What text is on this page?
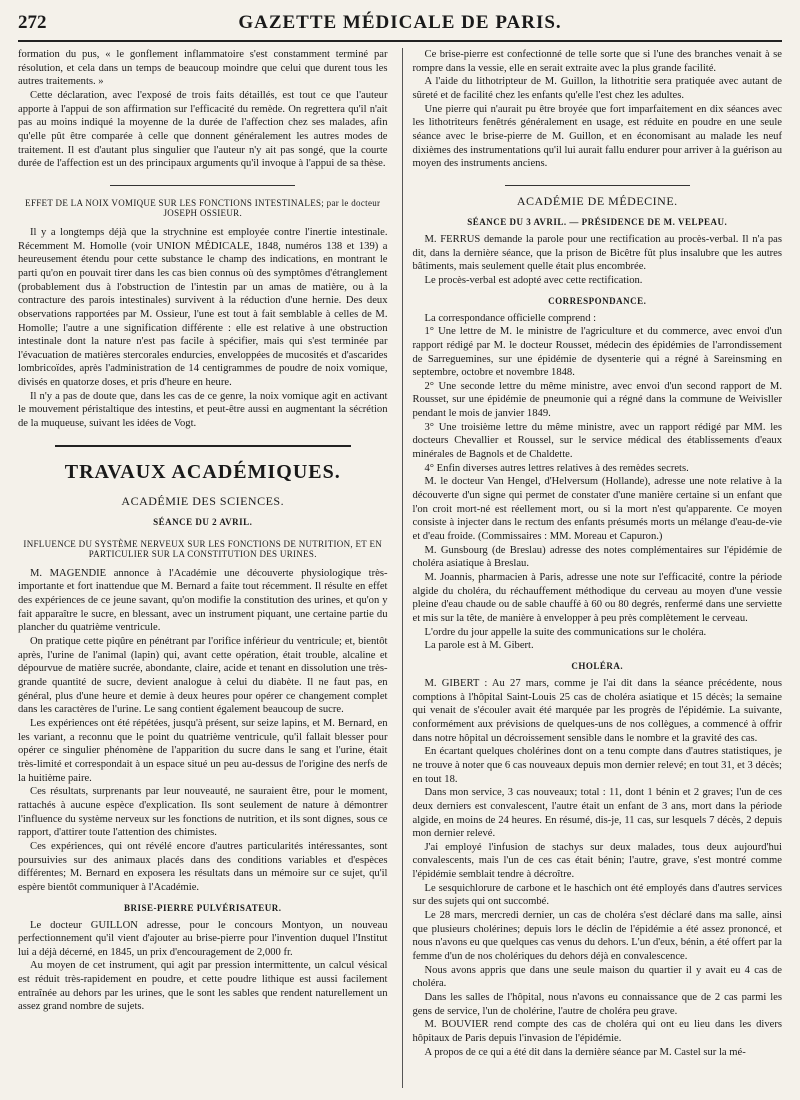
272	GAZETTE MÉDICALE DE PARIS.

formation du pus, « le gonflement inflammatoire s'est constamment terminé par résolution, et cela dans un temps de beaucoup moindre que celui que durent tous les autres traitements. »

Cette déclaration, avec l'exposé de trois faits détaillés, est tout ce que l'auteur apporte à l'appui de son affirmation sur l'efficacité du remède. On regrettera qu'il n'ait pas au moins indiqué la moyenne de la durée de l'affection chez ses malades, afin qu'elle pût être comparée à celle que donnent généralement les autres modes de traitement. Il est d'autant plus singulier que l'auteur n'y ait pas songé, que la courte durée de l'affection est un des principaux arguments qu'il invoque à l'appui de sa thèse.

EFFET DE LA NOIX VOMIQUE SUR LES FONCTIONS INTESTINALES; par le docteur JOSEPH OSSIEUR.

Il y a longtemps déjà que la strychnine est employée contre l'inertie intestinale. Récemment M. Homolle (voir UNION MÉDICALE, 1848, numéros 138 et 139) a heureusement étendu pour cette substance le champ des indications, en montrant le parti qu'on en pouvait tirer dans les cas bien connus où des symptômes d'étranglement (probablement dus à l'obstruction de l'intestin par un amas de matière, ou à la contracture des parois intestinales) survivent à la réduction d'une hernie. Des deux observations rapportées par M. Ossieur, l'une est tout à fait semblable à celles de M. Homolle; l'autre a une signification différente : elle est relative à une obstruction intestinale dont la nature n'est pas facile à spécifier, mais qui s'est terminée par l'évacuation de matières stercorales endurcies, enveloppées de mucosités et d'ascarides lombricoïdes, après l'administration de 14 centigrammes de poudre de noix vomique, divisés en quatorze doses, et pris d'heure en heure.

Il n'y a pas de doute que, dans les cas de ce genre, la noix vomique agit en activant le mouvement péristaltique des intestins, et peut-être aussi en augmentant la sécrétion de la muqueuse, suivant les idées de Vogt.

TRAVAUX ACADÉMIQUES.
ACADÉMIE DES SCIENCES.
SÉANCE DU 2 AVRIL.
INFLUENCE DU SYSTÈME NERVEUX SUR LES FONCTIONS DE NUTRITION, ET EN PARTICULIER SUR LA CONSTITUTION DES URINES.

M. MAGENDIE annonce à l'Académie une découverte physiologique très-importante et fort inattendue que M. Bernard a faite tout récemment. Il résulte en effet des expériences de ce jeune savant, qu'on modifie la constitution des urines, et qu'on y fait apparaître le sucre, en blessant, avec un instrument piquant, une certaine partie du plancher du quatrième ventricule.

On pratique cette piqûre en pénétrant par l'orifice inférieur du ventricule; et, bientôt après, l'urine de l'animal (lapin) qui, avant cette opération, était trouble, alcaline et dépourvue de matière sucrée, abondante, claire, acide et tenant en dissolution une très-grande quantité de sucre, devient analogue à celui du diabète. Il ne faut pas, en général, plus d'une heure et demie à deux heures pour opérer ce changement complet dans les caractères de l'urine. Le sang contient également beaucoup de sucre.

Les expériences ont été répétées, jusqu'à présent, sur seize lapins, et M. Bernard, en les variant, a reconnu que le point du quatrième ventricule, qu'il fallait blesser pour opérer ce singulier phénomène de l'apparition du sucre dans le sang et l'urine, était très-limité et correspondait à un espace situé un peu au-dessus de l'origine des nerfs de la huitième paire.

Ces résultats, surprenants par leur nouveauté, ne sauraient être, pour le moment, rattachés à aucune espèce d'explication. Ils sont seulement de nature à démontrer l'influence du système nerveux sur les fonctions de nutrition, et ils sont dignes, sous ce rapport, d'attirer toute l'attention des chimistes.

Ces expériences, qui ont révélé encore d'autres particularités intéressantes, sont poursuivies sur des animaux placés dans des conditions variables et d'espèces différentes; M. Bernard en exposera les résultats dans un mémoire sur ce sujet, qu'il espère bientôt communiquer à l'Académie.

BRISE-PIERRE PULVÉRISATEUR.

Le docteur GUILLON adresse, pour le concours Montyon, un nouveau perfectionnement qu'il vient d'ajouter au brise-pierre pour l'invention duquel l'Institut lui a déjà décerné, en 1845, un prix d'encouragement de 2,000 fr.

Au moyen de cet instrument, qui agit par pression intermittente, un calcul vésical est réduit très-rapidement en poudre, et cette poudre lithique est aussi facilement entraînée au dehors par les urines, que le sont les sables que rendent naturellement un assez grand nombre de sujets.

Ce brise-pierre est confectionné de telle sorte que si l'une des branches venait à se rompre dans la vessie, elle en serait extraite avec la plus grande facilité.

A l'aide du lithotripteur de M. Guillon, la lithotritie sera pratiquée avec autant de sûreté et de facilité chez les enfants qu'elle l'est chez les adultes.

Une pierre qui n'aurait pu être broyée que fort imparfaitement en dix séances avec les lithotriteurs fenêtrés généralement en usage, est réduite en poudre en une seule séance avec le brise-pierre de M. Guillon, et en économisant au malade les neuf dixièmes des instrumentations qu'il lui aurait fallu endurer pour arriver à la guérison au moyen des instruments anciens.

ACADÉMIE DE MÉDECINE.
SÉANCE DU 3 AVRIL. — PRÉSIDENCE DE M. VELPEAU.

M. FERRUS demande la parole pour une rectification au procès-verbal. Il n'a pas dit, dans la dernière séance, que la prison de Bicêtre fût plus insalubre que les autres bâtiments, mais seulement quelle était plus encombrée.

Le procès-verbal est adopté avec cette rectification.

CORRESPONDANCE.

La correspondance officielle comprend :

1° Une lettre de M. le ministre de l'agriculture et du commerce, avec envoi d'un rapport rédigé par M. le docteur Rousset, médecin des épidémies de l'arrondissement de Sarreguemines, sur une épidémie de dysenterie qui a régné à Sareinsming en septembre, octobre et novembre 1848.

2° Une seconde lettre du même ministre, avec envoi d'un second rapport de M. Rousset, sur une épidémie de pneumonie qui a régné dans la commune de Weivisller pendant le mois de janvier 1849.

3° Une troisième lettre du même ministre, avec un rapport rédigé par MM. les docteurs Chevallier et Roussel, sur le service médical des établissements d'eaux minérales de Bagnols et de Chaldette.

4° Enfin diverses autres lettres relatives à des remèdes secrets.

M. le docteur Van Hengel, d'Helversum (Hollande), adresse une note relative à la découverte d'un signe qui permet de constater d'une manière certaine si un enfant que l'on croit mort-né est réellement mort, ou si la mort n'est qu'apparente. Ce moyen consiste à injecter dans le rectum des enfants présumés morts un mélange d'eau-de-vie et d'eau froide. (Commissaires : MM. Moreau et Capuron.)

M. Gunsbourg (de Breslau) adresse des notes complémentaires sur l'épidémie de choléra asiatique à Breslau.

M. Joannis, pharmacien à Paris, adresse une note sur l'efficacité, contre la période algide du choléra, du réchauffement méthodique du cerveau au moyen d'une vessie pleine d'eau chaude ou de sable chauffé à 60 ou 80 degrés, renfermé dans une serviette et mis sur la tête, de manière à envelopper à peu près complètement le cerveau.

L'ordre du jour appelle la suite des communications sur le choléra.

La parole est à M. Gibert.

CHOLÉRA.

M. GIBERT : Au 27 mars, comme je l'ai dit dans la séance précédente, nous comptions à l'hôpital Saint-Louis 25 cas de choléra asiatique et 15 décès; la semaine qui venait de s'écouler avait été marquée par les progrès de l'épidémie. La suivante, conformément aux prévisions de quelques-uns de nos collègues, a commencé à offrir dans notre hôpital un décroissement sensible dans le nombre et la gravité des cas.

En écartant quelques cholérines dont on a tenu compte dans d'autres statistiques, je ne trouve à noter que 6 cas nouveaux depuis mon dernier relevé; en tout 31, et 3 décès; en tout 18.

Dans mon service, 3 cas nouveaux; total : 11, dont 1 bénin et 2 graves; l'un de ces deux derniers est convalescent, l'autre était un enfant de 3 ans, mort dans la période algide, en moins de 24 heures. En résumé, dis-je, 11 cas, sur lesquels 7 décès, 2 depuis mon dernier relevé.

J'ai employé l'infusion de stachys sur deux malades, tous deux aujourd'hui convalescents, mais l'un de ces cas était bénin; l'autre, grave, s'est montré comme l'épidémie semblait tendre à décroître.

Le sesquichlorure de carbone et le haschich ont été employés dans d'autres services sur des sujets qui ont succombé.

Le 28 mars, mercredi dernier, un cas de choléra s'est déclaré dans ma salle, ainsi que plusieurs cholérines; depuis lors le déclin de l'épidémie a été assez prononcé, et nous n'avons eu que quelques cas venus du dehors. L'un d'eux, bénin, a été offert par la femme d'un de nos cholériques du dehors déjà en convalescence.

Nous avons appris que dans une seule maison du quartier il y avait eu 4 cas de choléra.

Dans les salles de l'hôpital, nous n'avons eu connaissance que de 2 cas parmi les gens de service, l'un de cholérine, l'autre de choléra peu grave.

M. BOUVIER rend compte des cas de choléra qui ont eu lieu dans les divers hôpitaux de Paris depuis l'invasion de l'épidémie.

A propos de ce qui a été dit dans la dernière séance par M. Castel sur la mé-
